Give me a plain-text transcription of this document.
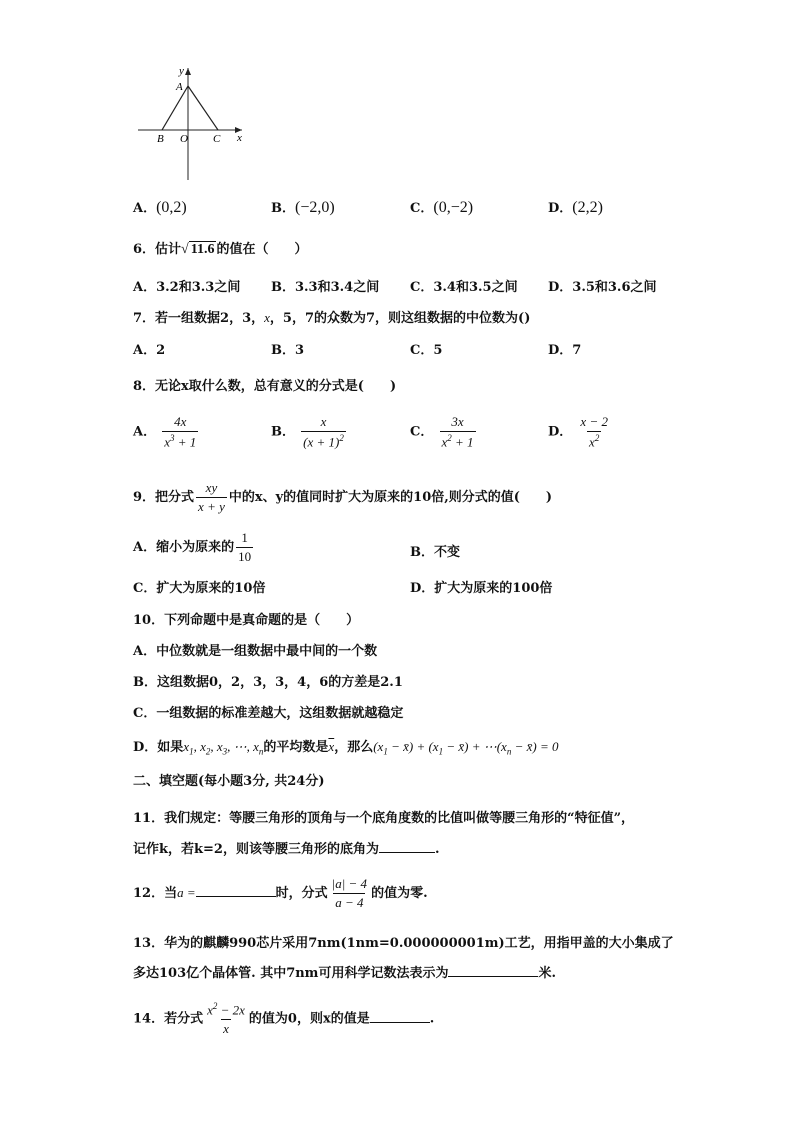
y
A
B O C x
A．(0,2)	B．(−2,0)	C．(0,−2)	D．(2,2)
6．估计√ 11.6 的值在（　　）
A．3.2和3.3之间 B．3.3和3.4之间 C．3.4和3.5之间 D．3.5和3.6之间
7．若一组数据2，3，x，5，7的众数为7，则这组数据的中位数为()
A．2	B．3	C．5	D．7
8．无论x取什么数，总有意义的分式是(　　)
A． $\frac{4x}{x^3 + 1}$	B． $\frac{x}{(x + 1)^2}$	C． $\frac{3x}{x^2 + 1}$	D． $\frac{x - 2}{x^2}$
9．把分式 $\frac{xy}{x + y}$ 中的x、y的值同时扩大为原来的10倍,则分式的值(　　)
A．缩小为原来的 $\frac{1}{10}$	B．不变
C．扩大为原来的10倍	D．扩大为原来的100倍
10．下列命题中是真命题的是（　　）
A．中位数就是一组数据中最中间的一个数
B．这组数据0，2，3，3，4，6的方差是2.1
C．一组数据的标准差越大，这组数据就越稳定
D．如果$x_1$, $x_2$, $x_3$, ⋯, $x_n$的平均数是$\overline{x}$，那么($x_1$ − x̄) + ($x_1$ − x̄) + $\cdots(x_n$ − x̄) = 0
二、填空题(每小题3分, 共24分)
11．我们规定：等腰三角形的顶角与一个底角度数的比值叫做等腰三角形的“特征值”，
记作k，若k=2，则该等腰三角形的底角为	.
12．当a =	时，分式 $\frac{|a| - 4}{a - 4}$ 的值为零.
13．华为的麒麟990芯片采用7nm(1nm=0.000000001m)工艺，用指甲盖的大小集成了
多达103亿个晶体管. 其中7nm可用科学记数法表示为	米.
14．若分式 $\frac{x^2 - 2x}{x}$ 的值为0，则x的值是	.
